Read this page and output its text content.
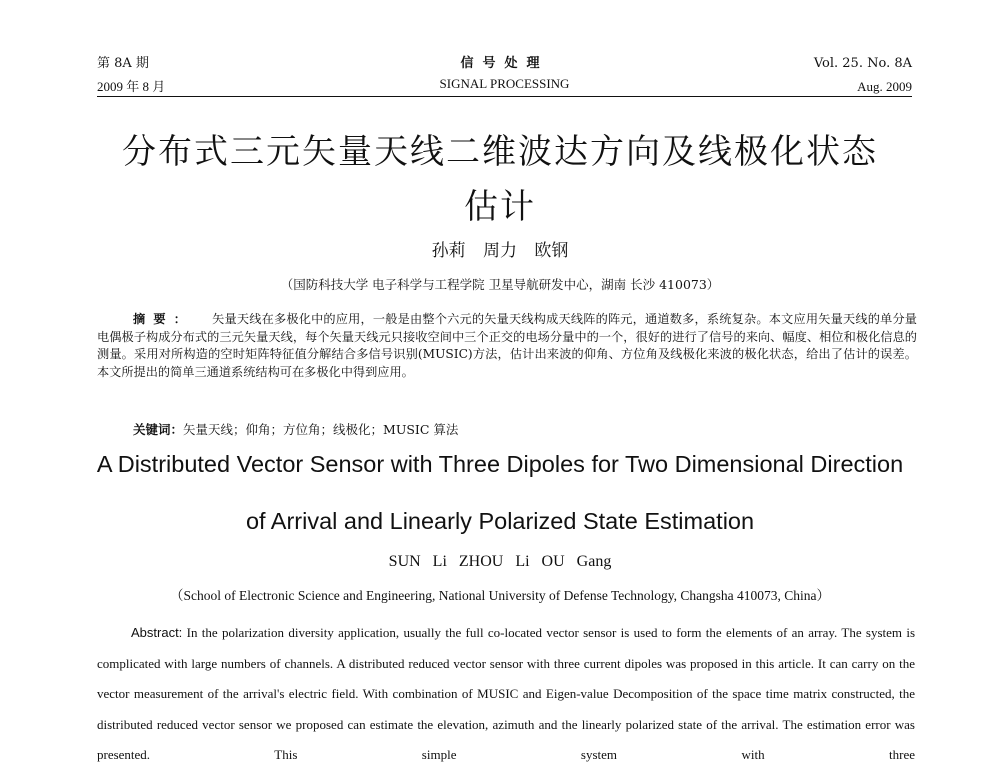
第 8A 期	信号处理	Vol. 25. No. 8A
2009 年 8 月	SIGNAL PROCESSING	Aug. 2009
分布式三元矢量天线二维波达方向及线极化状态
估计
孙莉 周力 欧钢
（国防科技大学 电子科学与工程学院 卫星导航研发中心，湖南 长沙 410073）
摘要： 矢量天线在多极化中的应用，一般是由整个六元的矢量天线构成天线阵的阵元，通道数多，系统复杂。本文应用矢量天线的单分量电偶极子构成分布式的三元矢量天线，每个矢量天线元只接收空间中三个正交的电场分量中的一个，很好的进行了信号的来向、幅度、相位和极化信息的测量。采用对所构造的空时矩阵特征值分解结合多信号识别(MUSIC)方法，估计出来波的仰角、方位角及线极化来波的极化状态，给出了估计的误差。本文所提出的简单三通道系统结构可在多极化中得到应用。
关键词：矢量天线；仰角；方位角；线极化；MUSIC 算法
A Distributed Vector Sensor with Three Dipoles for Two Dimensional Direction
of Arrival and Linearly Polarized State Estimation
SUN Li ZHOU Li OU Gang
（School of Electronic Science and Engineering, National University of Defense Technology, Changsha 410073, China）
Abstract: In the polarization diversity application, usually the full co-located vector sensor is used to form the elements of an array. The system is complicated with large numbers of channels. A distributed reduced vector sensor with three current dipoles was proposed in this article. It can carry on the vector measurement of the arrival's electric field. With combination of MUSIC and Eigen-value Decomposition of the space time matrix constructed, the distributed reduced vector sensor we proposed can estimate the elevation, azimuth and the linearly polarized state of the arrival. The estimation error was presented. This simple system with three
